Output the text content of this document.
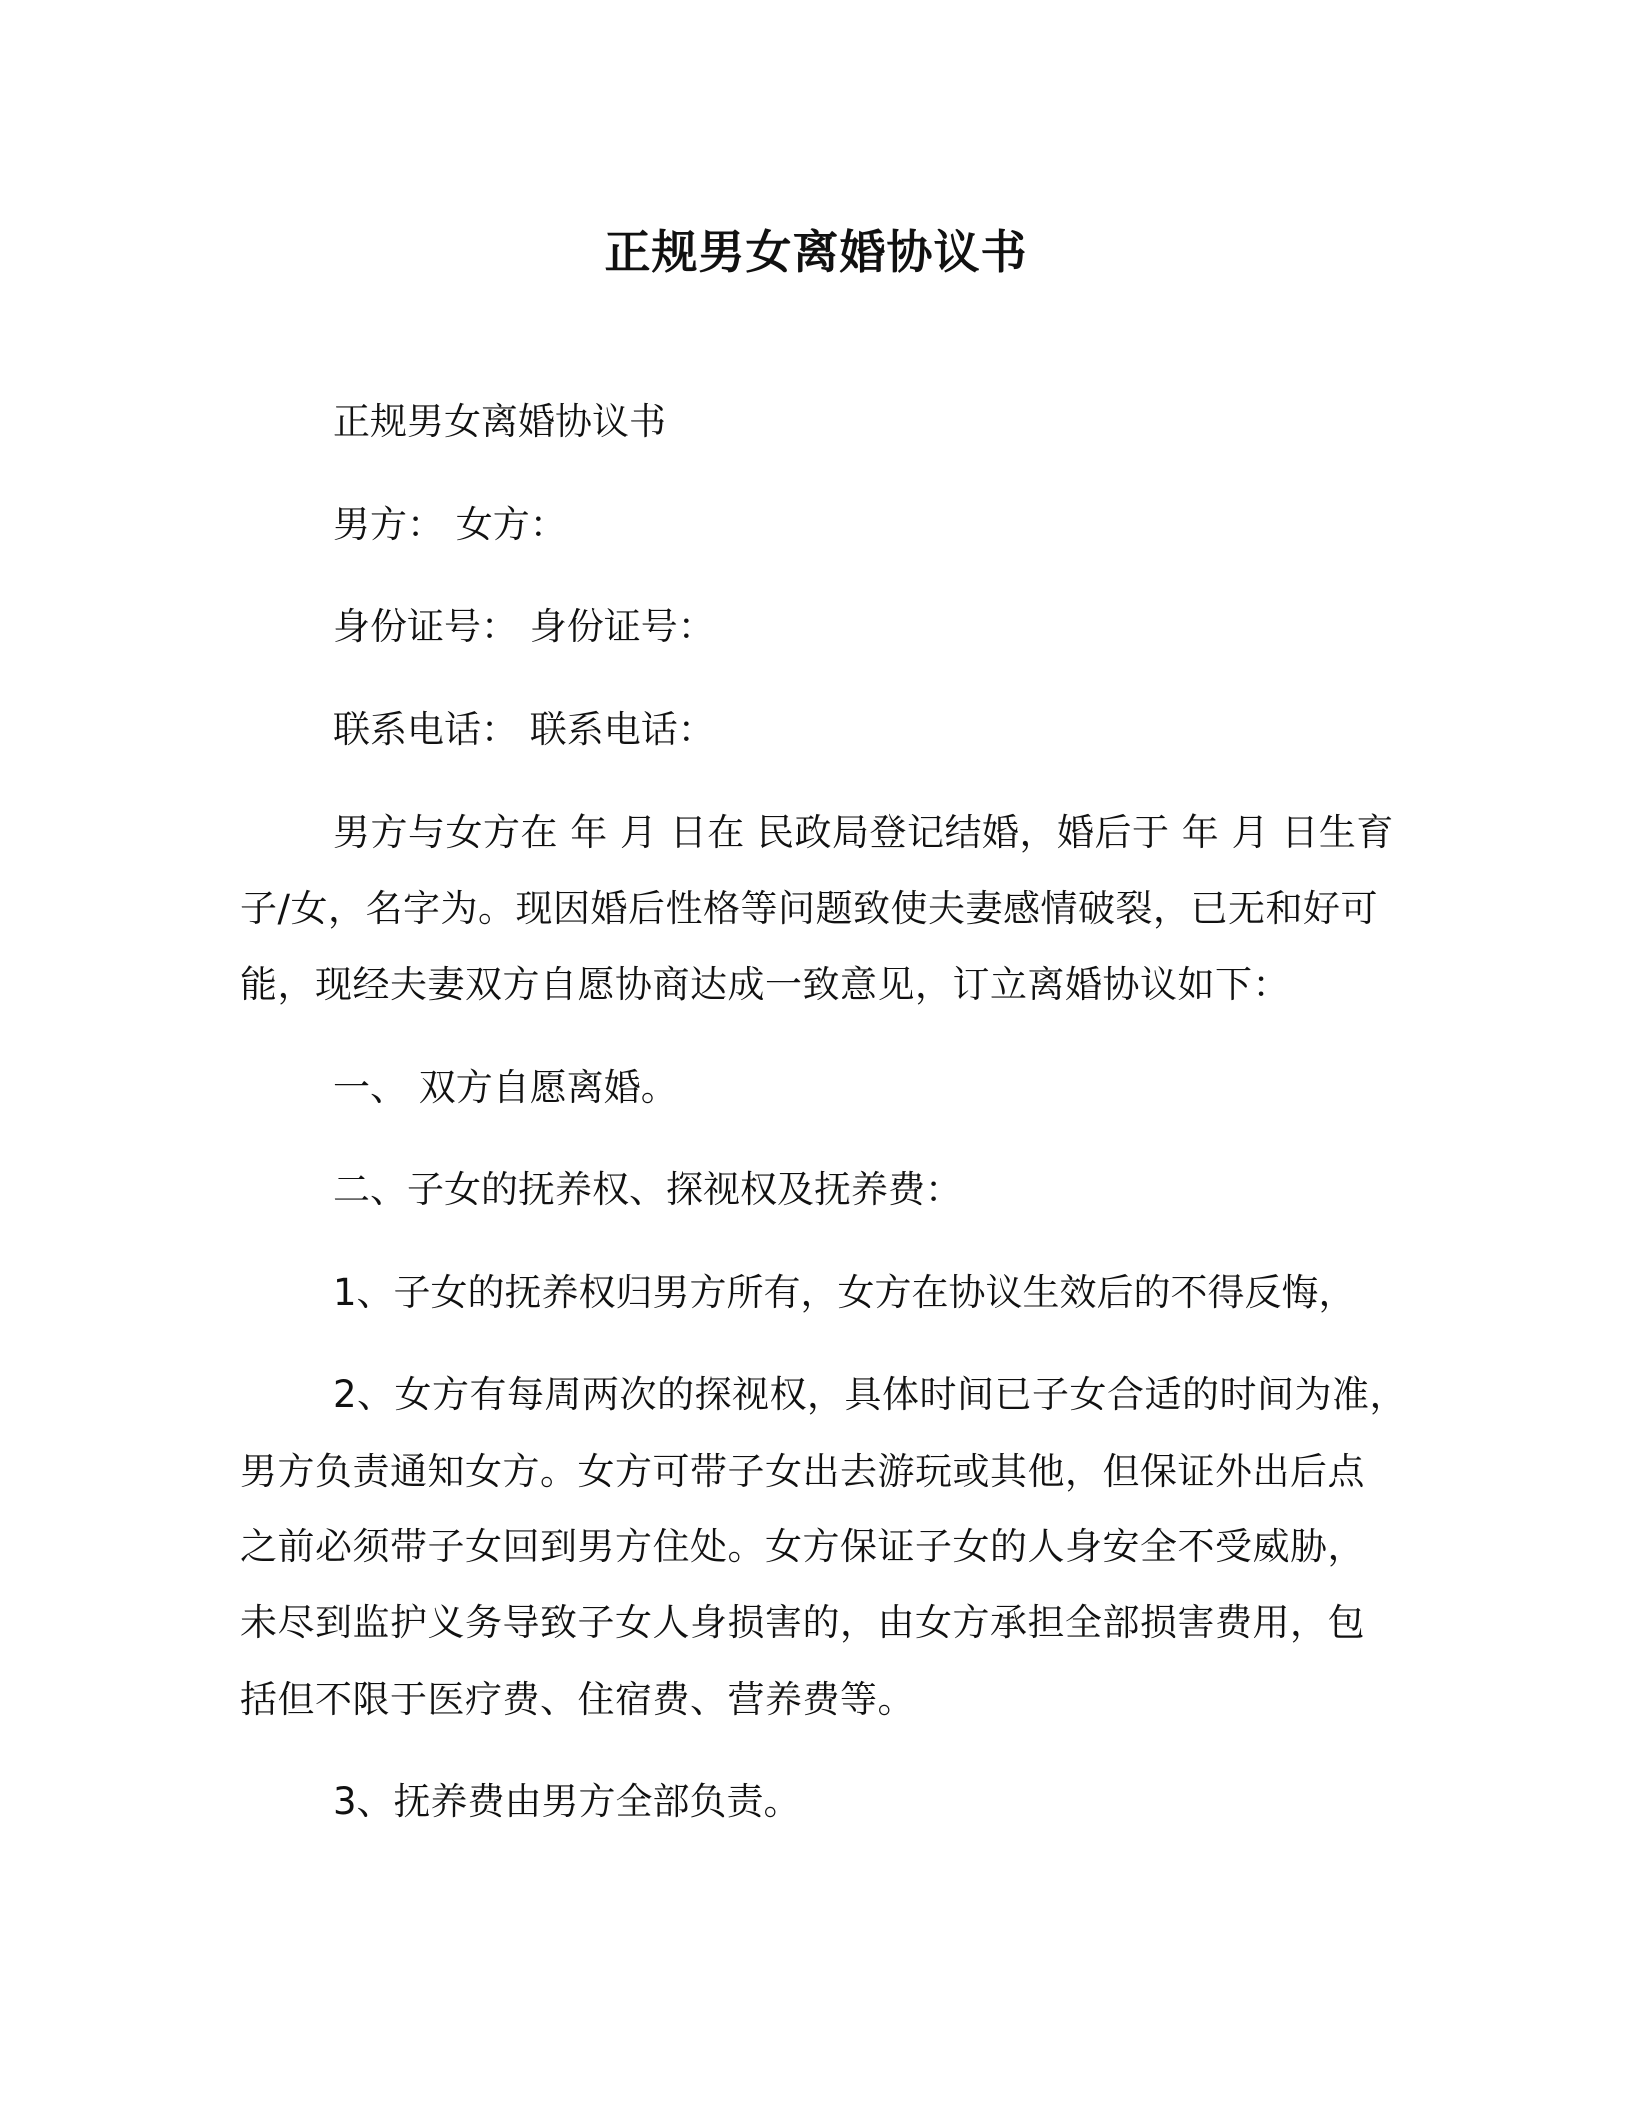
正规男女离婚协议书
正规男女离婚协议书
男方： 女方：
身份证号： 身份证号：
联系电话： 联系电话：
男方与女方在 年 月 日在 民政局登记结婚，婚后于 年 月 日生育
子/女，名字为。现因婚后性格等问题致使夫妻感情破裂，已无和好可
能，现经夫妻双方自愿协商达成一致意见，订立离婚协议如下：
一、 双方自愿离婚。
二、子女的抚养权、探视权及抚养费：
1、子女的抚养权归男方所有，女方在协议生效后的不得反悔，
2、女方有每周两次的探视权，具体时间已子女合适的时间为准，
男方负责通知女方。女方可带子女出去游玩或其他，但保证外出后点
之前必须带子女回到男方住处。女方保证子女的人身安全不受威胁，
未尽到监护义务导致子女人身损害的，由女方承担全部损害费用，包
括但不限于医疗费、住宿费、营养费等。
3、抚养费由男方全部负责。
